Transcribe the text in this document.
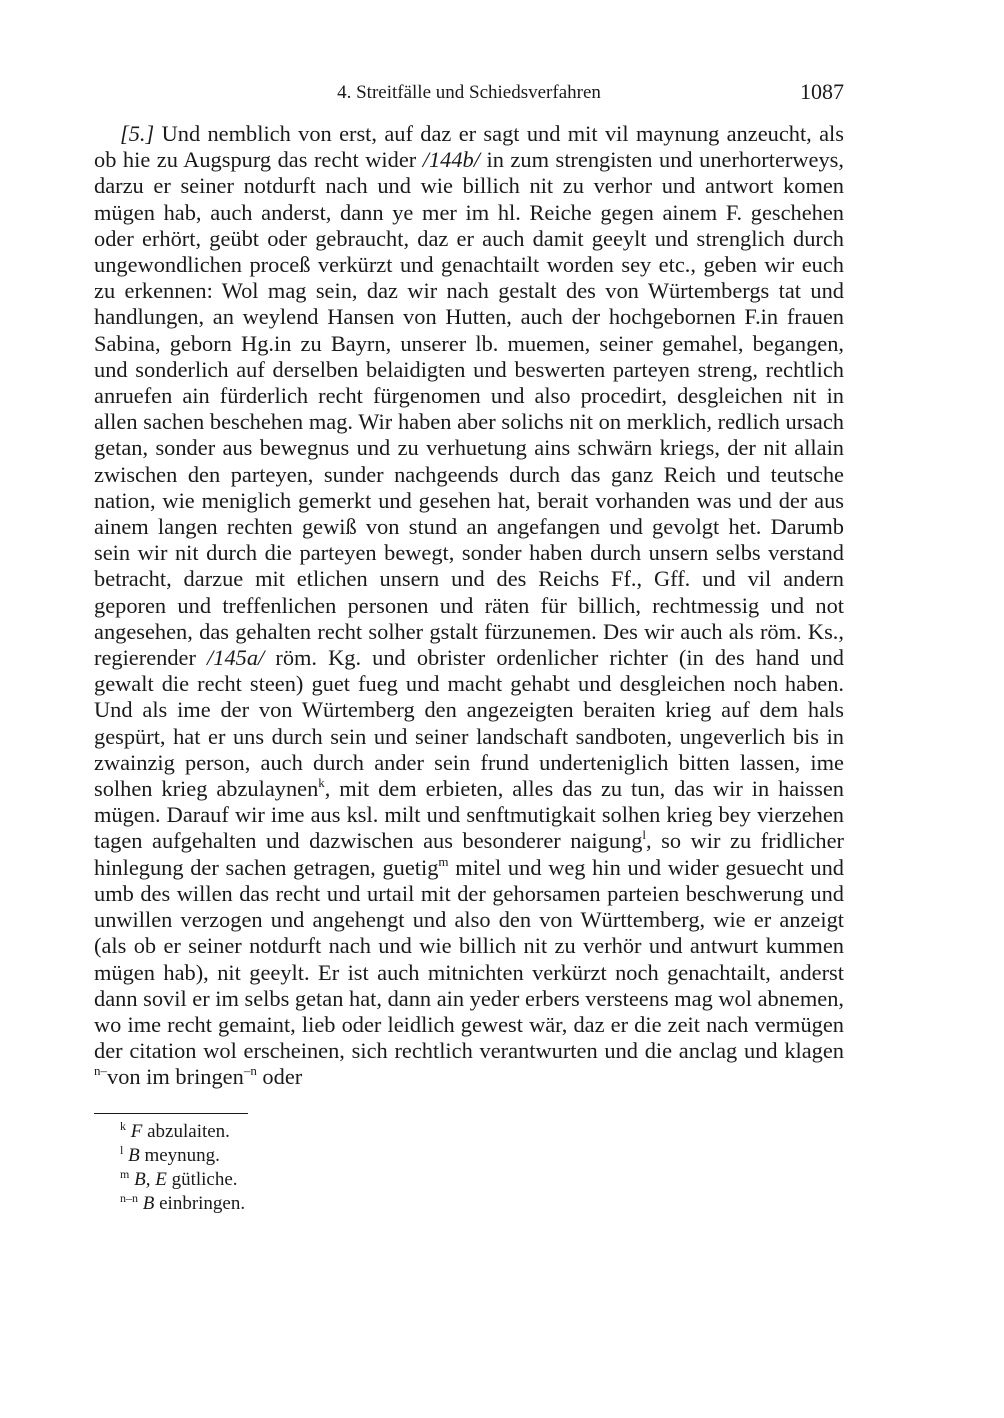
4. Streitfälle und Schiedsverfahren	1087

[5.] Und nemblich von erst, auf daz er sagt und mit vil maynung anzeucht, als ob hie zu Augspurg das recht wider /144b/ in zum strengisten und unerhorterweys, darzu er seiner notdurft nach und wie billich nit zu verhor und antwort komen mügen hab, auch anderst, dann ye mer im hl. Reiche gegen ainem F. geschehen oder erhört, geübt oder gebraucht, daz er auch damit geeylt und strenglich durch ungewondlichen proceß verkürzt und genachtailt worden sey etc., geben wir euch zu erkennen: Wol mag sein, daz wir nach gestalt des von Würtembergs tat und handlungen, an weylend Hansen von Hutten, auch der hochgebornen F.in frauen Sabina, geborn Hg.in zu Bayrn, unserer lb. muemen, seiner gemahel, begangen, und sonderlich auf derselben belaidigten und beswerten parteyen streng, rechtlich anruefen ain fürderlich recht fürgenomen und also procedirt, desgleichen nit in allen sachen beschehen mag. Wir haben aber solichs nit on merklich, redlich ursach getan, sonder aus bewegnus und zu verhuetung ains schwärn kriegs, der nit allain zwischen den parteyen, sunder nachgeends durch das ganz Reich und teutsche nation, wie meniglich gemerkt und gesehen hat, berait vorhanden was und der aus ainem langen rechten gewiß von stund an angefangen und gevolgt het. Darumb sein wir nit durch die parteyen bewegt, sonder haben durch unsern selbs verstand betracht, darzue mit etlichen unsern und des Reichs Ff., Gff. und vil andern geporen und treffenlichen personen und räten für billich, rechtmessig und not angesehen, das gehalten recht solher gstalt fürzunemen. Des wir auch als röm. Ks., regierender /145a/ röm. Kg. und obrister ordenlicher richter (in des hand und gewalt die recht steen) guet fueg und macht gehabt und desgleichen noch haben. Und als ime der von Würtemberg den angezeigten beraiten krieg auf dem hals gespürt, hat er uns durch sein und seiner landschaft sandboten, ungeverlich bis in zwainzig person, auch durch ander sein frund underteniglich bitten lassen, ime solhen krieg abzulaynen$^k$, mit dem erbieten, alles das zu tun, das wir in haissen mügen. Darauf wir ime aus ksl. milt und senftmutigkait solhen krieg bey vierzehen tagen aufgehalten und dazwischen aus besonderer naigung$^l$, so wir zu fridlicher hinlegung der sachen getragen, guetig$^m$ mitel und weg hin und wider gesuecht und umb des willen das recht und urtail mit der gehorsamen parteien beschwerung und unwillen verzogen und angehengt und also den von Württemberg, wie er anzeigt (als ob er seiner notdurft nach und wie billich nit zu verhör und antwurt kummen mügen hab), nit geeylt. Er ist auch mitnichten verkürzt noch genachtailt, anderst dann sovil er im selbs getan hat, dann ain yeder erbers versteens mag wol abnemen, wo ime recht gemaint, lieb oder leidlich gewest wär, daz er die zeit nach vermügen der citation wol erscheinen, sich rechtlich verantwurten und die anclag und klagen $^{n-}$von im bringen$^{-n}$ oder

$^k$ F abzulaiten.
$^l$ B meynung.
$^m$ B, E gütliche.
$^{n-n}$ B einbringen.
